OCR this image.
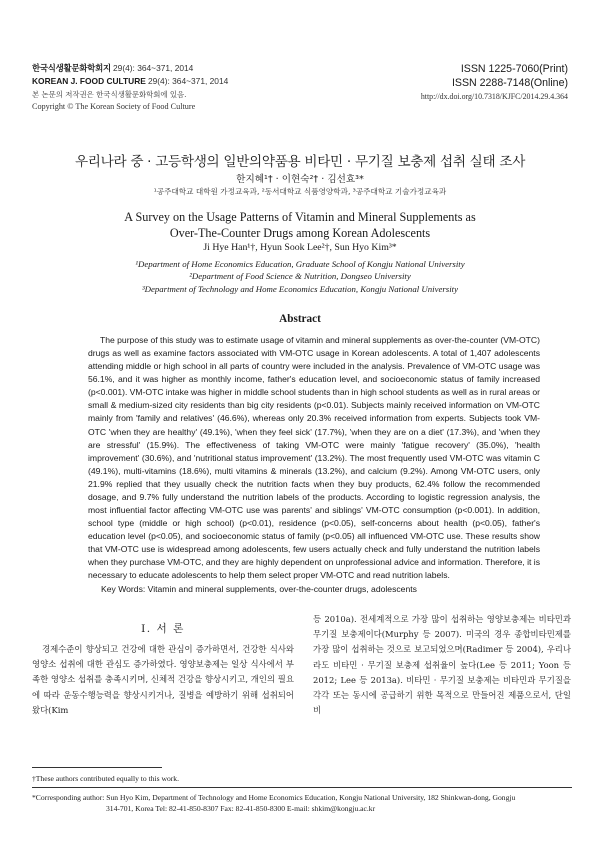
한국식생활문화학회지 29(4): 364~371, 2014
KOREAN J. FOOD CULTURE 29(4): 364~371, 2014
본 논문의 저작권은 한국식생활문화학회에 있음.
Copyright © The Korean Society of Food Culture
ISSN 1225-7060(Print)
ISSN 2288-7148(Online)
http://dx.doi.org/10.7318/KJFC/2014.29.4.364
우리나라 중 · 고등학생의 일반의약품용 비타민 · 무기질 보충제 섭취 실태 조사
한지혜¹† · 이현숙²† · 김선효³*
¹공주대학교 대학원 가정교육과, ²동서대학교 식품영양학과, ³공주대학교 기술가정교육과
A Survey on the Usage Patterns of Vitamin and Mineral Supplements as
Over-The-Counter Drugs among Korean Adolescents
Ji Hye Han¹†, Hyun Sook Lee²†, Sun Hyo Kim³*
¹Department of Home Economics Education, Graduate School of Kongju National University
²Department of Food Science & Nutrition, Dongseo University
³Department of Technology and Home Economics Education, Kongju National University
Abstract
The purpose of this study was to estimate usage of vitamin and mineral supplements as over-the-counter (VM-OTC) drugs as well as examine factors associated with VM-OTC usage in Korean adolescents. A total of 1,407 adolescents attending middle or high school in all parts of country were included in the analysis. Prevalence of VM-OTC usage was 56.1%, and it was higher as monthly income, father's education level, and socioeconomic status of family increased (p<0.001). VM-OTC intake was higher in middle school students than in high school students as well as in rural areas or small & medium-sized city residents than big city residents (p<0.01). Subjects mainly received information on VM-OTC mainly from 'family and relatives' (46.6%), whereas only 20.3% received information from experts. Subjects took VM-OTC 'when they are healthy' (49.1%), 'when they feel sick' (17.7%), 'when they are on a diet' (17.3%), and 'when they are stressful' (15.9%). The effectiveness of taking VM-OTC were mainly 'fatigue recovery' (35.0%), 'health improvement' (30.6%), and 'nutritional status improvement' (13.2%). The most frequently used VM-OTC was vitamin C (49.1%), multi-vitamins (18.6%), multi vitamins & minerals (13.2%), and calcium (9.2%). Among VM-OTC users, only 21.9% replied that they usually check the nutrition facts when they buy products, 62.4% follow the recommended dosage, and 9.7% fully understand the nutrition labels of the products. According to logistic regression analysis, the most influential factor affecting VM-OTC use was parents' and siblings' VM-OTC consumption (p<0.001). In addition, school type (middle or high school) (p<0.01), residence (p<0.05), self-concerns about health (p<0.05), father's education level (p<0.05), and socioeconomic status of family (p<0.05) all influenced VM-OTC use. These results show that VM-OTC use is widespread among adolescents, few users actually check and fully understand the nutrition labels when they purchase VM-OTC, and they are highly dependent on unprofessional advice and information. Therefore, it is necessary to educate adolescents to help them select proper VM-OTC and read nutrition labels.
Key Words: Vitamin and mineral supplements, over-the-counter drugs, adolescents
Ⅰ. 서 론
경제수준이 향상되고 건강에 대한 관심이 증가하면서, 건강한 식사와 영양소 섭취에 대한 관심도 증가하였다. 영양보충제는 일상 식사에서 부족한 영양소 섭취를 충족시키며, 신체적 건강을 향상시키고, 개인의 필요에 따라 운동수행능력을 향상시키거나, 질병을 예방하기 위해 섭취되어 왔다(Kim
등 2010a). 전세계적으로 가장 많이 섭취하는 영양보충제는 비타민과 무기질 보충제이다(Murphy 등 2007). 미국의 경우 종합비타민제를 가장 많이 섭취하는 것으로 보고되었으며(Radimer 등 2004), 우리나라도 비타민 · 무기질 보충제 섭취율이 높다(Lee 등 2011; Yoon 등 2012; Lee 등 2013a). 비타민 · 무기질 보충제는 비타민과 무기질을 각각 또는 동시에 공급하기 위한 목적으로 만들어진 제품으로서, 단일비
†These authors contributed equally to this work.
*Corresponding author: Sun Hyo Kim, Department of Technology and Home Economics Education, Kongju National University, 182 Shinkwan-dong, Gongju
314-701, Korea Tel: 82-41-850-8307 Fax: 82-41-850-8300 E-mail: shkim@kongju.ac.kr
